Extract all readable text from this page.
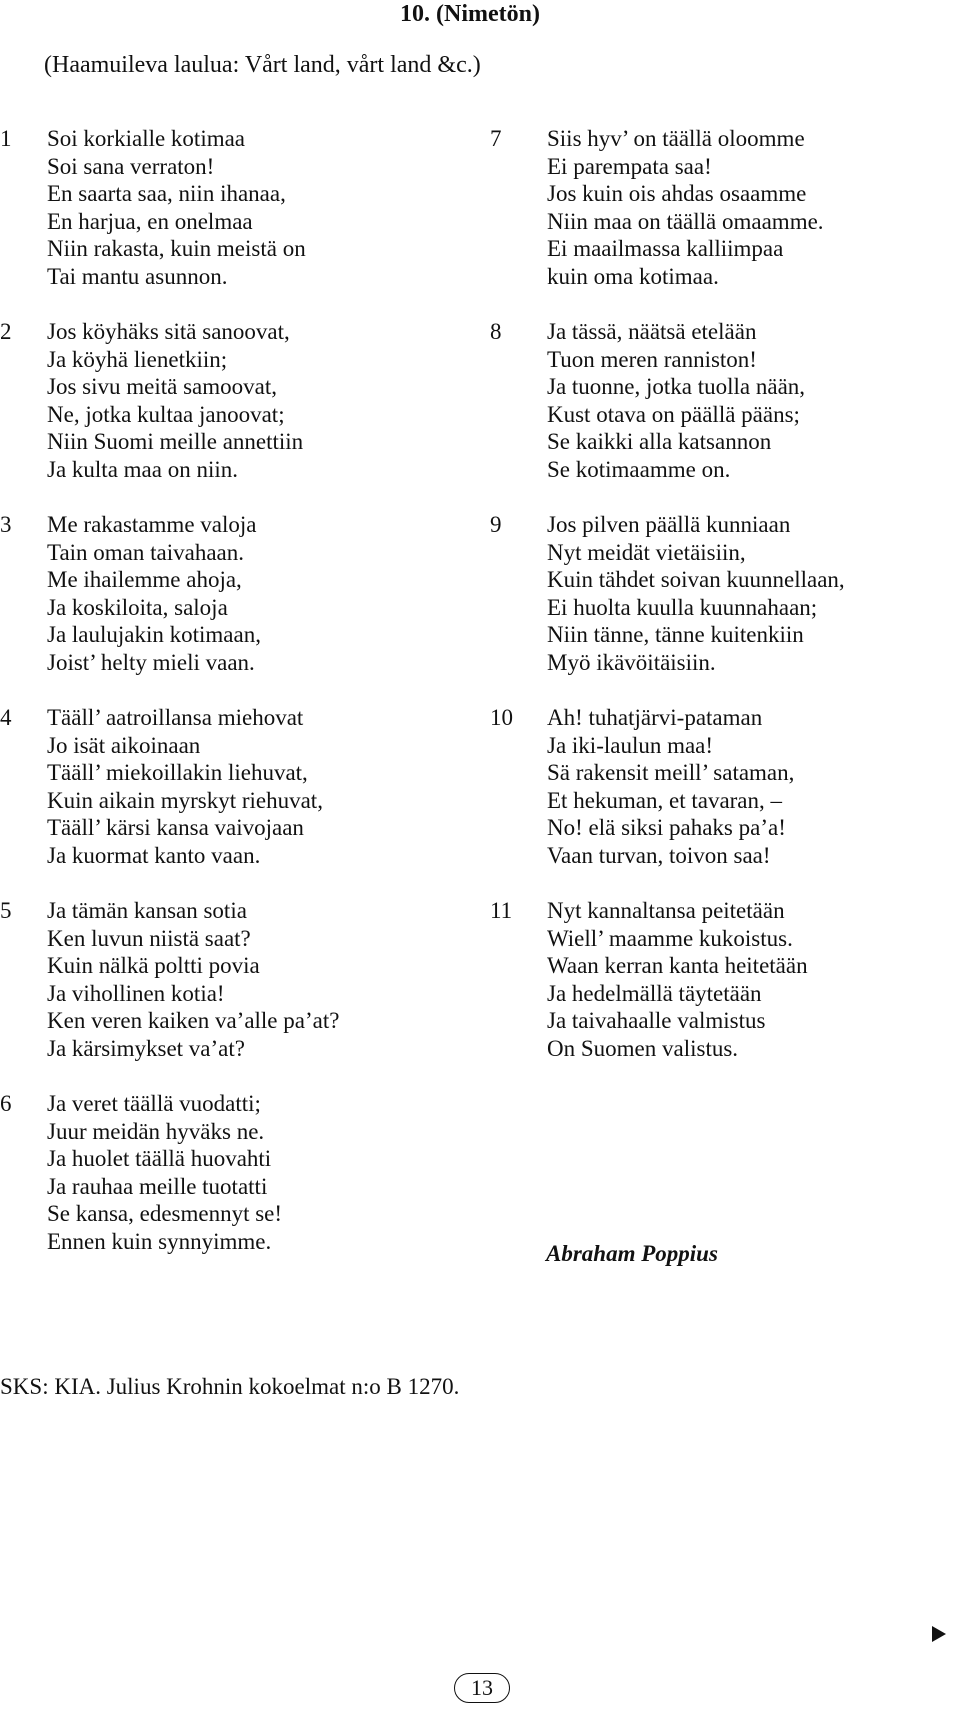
10. (Nimetön)
(Haamuileva laulua: Vårt land, vårt land &c.)
1 Soi korkialle kotimaa
Soi sana verraton!
En saarta saa, niin ihanaa,
En harjua, en onelmaa
Niin rakasta, kuin meistä on
Tai mantu asunnon.
2 Jos köyhäks sitä sanoovat,
Ja köyhä lienetkiin;
Jos sivu meitä samoovat,
Ne, jotka kultaa janoovat;
Niin Suomi meille annettiin
Ja kulta maa on niin.
3 Me rakastamme valoja
Tain oman taivahaan.
Me ihailemme ahoja,
Ja koskiloita, saloja
Ja laulujakin kotimaan,
Joist’ helty mieli vaan.
4 Tääll’ aatroillansa miehovat
Jo isät aikoinaan
Tääll’ miekoillakin liehuvat,
Kuin aikain myrskyt riehuvat,
Tääll’ kärsi kansa vaivojaan
Ja kuormat kanto vaan.
5 Ja tämän kansan sotia
Ken luvun niistä saat?
Kuin nälkä poltti povia
Ja vihollinen kotia!
Ken veren kaiken va’alle pa’at?
Ja kärsimykset va’at?
6 Ja veret täällä vuodatti;
Juur meidän hyväks ne.
Ja huolet täällä huovahti
Ja rauhaa meille tuotatti
Se kansa, edesmennyt se!
Ennen kuin synnyimme.
7 Siis hyv’ on täällä oloomme
Ei parempata saa!
Jos kuin ois ahdas osaamme
Niin maa on täällä omaamme.
Ei maailmassa kalliimpaa
kuin oma kotimaa.
8 Ja tässä, näätsä etelään
Tuon meren ranniston!
Ja tuonne, jotka tuolla nään,
Kust otava on päällä pääns;
Se kaikki alla katsannon
Se kotimaamme on.
9 Jos pilven päällä kunniaan
Nyt meidät vietäisiin,
Kuin tähdet soivan kuunnellaan,
Ei huolta kuulla kuunnahaan;
Niin tänne, tänne kuitenkiin
Myö ikävöitäisiin.
10 Ah! tuhatjärvi-pataman
Ja iki-laulun maa!
Sä rakensit meill’ sataman,
Et hekuman, et tavaran, –
No! elä siksi pahaks pa’a!
Vaan turvan, toivon saa!
11 Nyt kannaltansa peitetään
Wiell’ maamme kukoistus.
Waan kerran kanta heitetään
Ja hedelmällä täytetään
Ja taivahaalle valmistus
On Suomen valistus.
Abraham Poppius
SKS: KIA. Julius Krohnin kokoelmat n:o B 1270.
13
